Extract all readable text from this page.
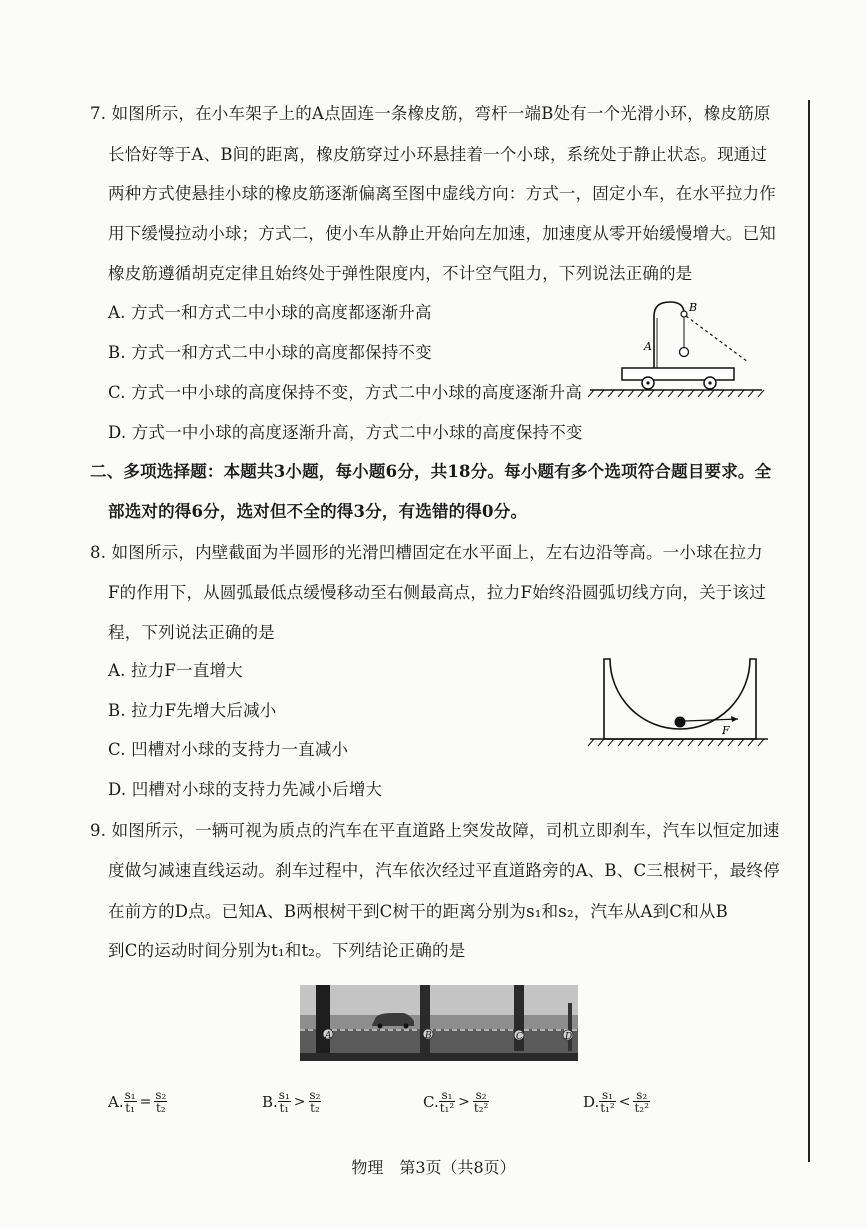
7. 如图所示，在小车架子上的A点固连一条橡皮筋，弯杆一端B处有一个光滑小环，橡皮筋原
长恰好等于A、B间的距离，橡皮筋穿过小环悬挂着一个小球，系统处于静止状态。现通过
两种方式使悬挂小球的橡皮筋逐渐偏离至图中虚线方向：方式一，固定小车，在水平拉力作
用下缓慢拉动小球；方式二，使小车从静止开始向左加速，加速度从零开始缓慢增大。已知
橡皮筋遵循胡克定律且始终处于弹性限度内，不计空气阻力，下列说法正确的是
A. 方式一和方式二中小球的高度都逐渐升高
B. 方式一和方式二中小球的高度都保持不变
C. 方式一中小球的高度保持不变，方式二中小球的高度逐渐升高
D. 方式一中小球的高度逐渐升高，方式二中小球的高度保持不变
A
B
二、多项选择题：本题共3小题，每小题6分，共18分。每小题有多个选项符合题目要求。全
部选对的得6分，选对但不全的得3分，有选错的得0分。
8. 如图所示，内壁截面为半圆形的光滑凹槽固定在水平面上，左右边沿等高。一小球在拉力
F的作用下，从圆弧最低点缓慢移动至右侧最高点，拉力F始终沿圆弧切线方向，关于该过
程，下列说法正确的是
A. 拉力F一直增大
B. 拉力F先增大后减小
C. 凹槽对小球的支持力一直减小
D. 凹槽对小球的支持力先减小后增大
F
9. 如图所示，一辆可视为质点的汽车在平直道路上突发故障，司机立即刹车，汽车以恒定加速
度做匀减速直线运动。刹车过程中，汽车依次经过平直道路旁的A、B、C三根树干，最终停
在前方的D点。已知A、B两根树干到C树干的距离分别为s₁和s₂，汽车从A到C和从B
到C的运动时间分别为t₁和t₂。下列结论正确的是
A	B	C	D
A. $\frac{\text{s₁}}{\text{t₁}} = \frac{\text{s₂}}{\text{t₂}}$	B. $\frac{\text{s₁}}{\text{t₁}} > \frac{\text{s₂}}{\text{t₂}}$	C. $\frac{\text{s₁}}{\text{t₁²}} > \frac{\text{s₂}}{\text{t₂²}}$	D. $\frac{\text{s₁}}{\text{t₁²}} < \frac{\text{s₂}}{\text{t₂²}}$
物理　第3页（共8页）
